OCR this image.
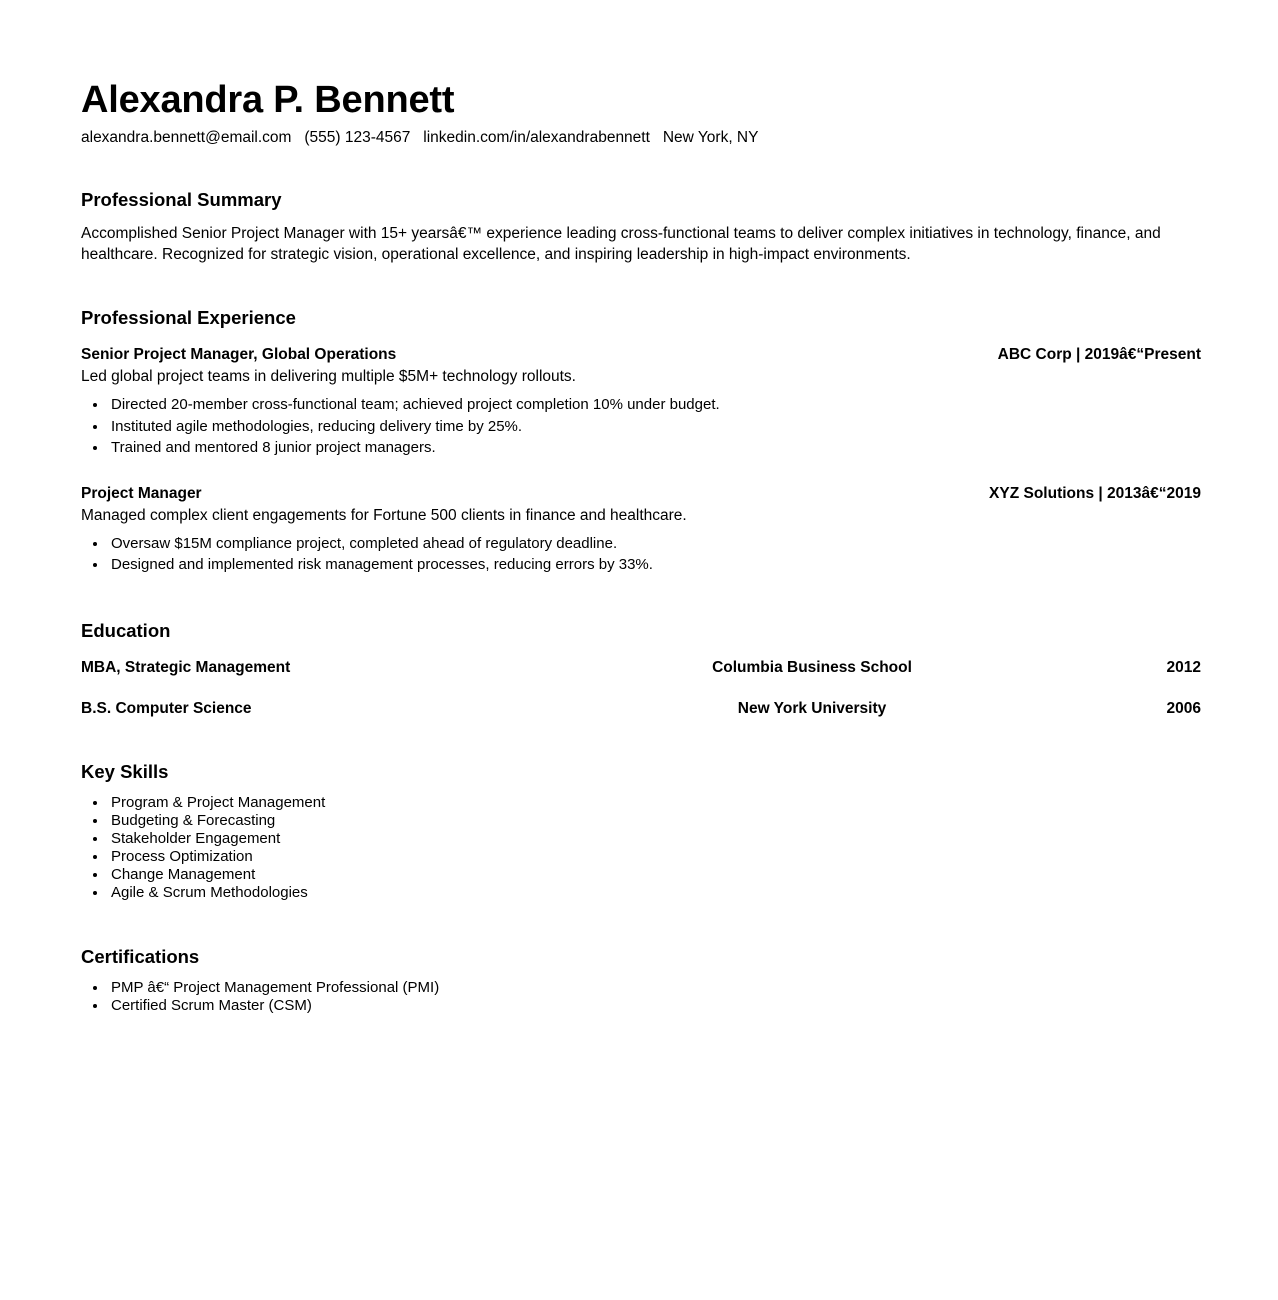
Alexandra P. Bennett
alexandra.bennett@email.com   (555) 123-4567   linkedin.com/in/alexandrabennett   New York, NY
Professional Summary

Accomplished Senior Project Manager with 15+ yearsâ€™ experience leading cross-functional teams to deliver complex initiatives in technology, finance, and healthcare. Recognized for strategic vision, operational excellence, and inspiring leadership in high-impact environments.

Professional Experience
Senior Project Manager, Global Operations	ABC Corp | 2019â€“Present
Led global project teams in delivering multiple $5M+ technology rollouts.
• Directed 20-member cross-functional team; achieved project completion 10% under budget.
• Instituted agile methodologies, reducing delivery time by 25%.
• Trained and mentored 8 junior project managers.
Project Manager	XYZ Solutions | 2013â€“2019
Managed complex client engagements for Fortune 500 clients in finance and healthcare.
• Oversaw $15M compliance project, completed ahead of regulatory deadline.
• Designed and implemented risk management processes, reducing errors by 33%.
Education
MBA, Strategic Management	Columbia Business School	2012
B.S. Computer Science	New York University	2006
Key Skills
• Program & Project Management
• Budgeting & Forecasting
• Stakeholder Engagement
• Process Optimization
• Change Management
• Agile & Scrum Methodologies
Certifications
• PMP â€“ Project Management Professional (PMI)
• Certified Scrum Master (CSM)
